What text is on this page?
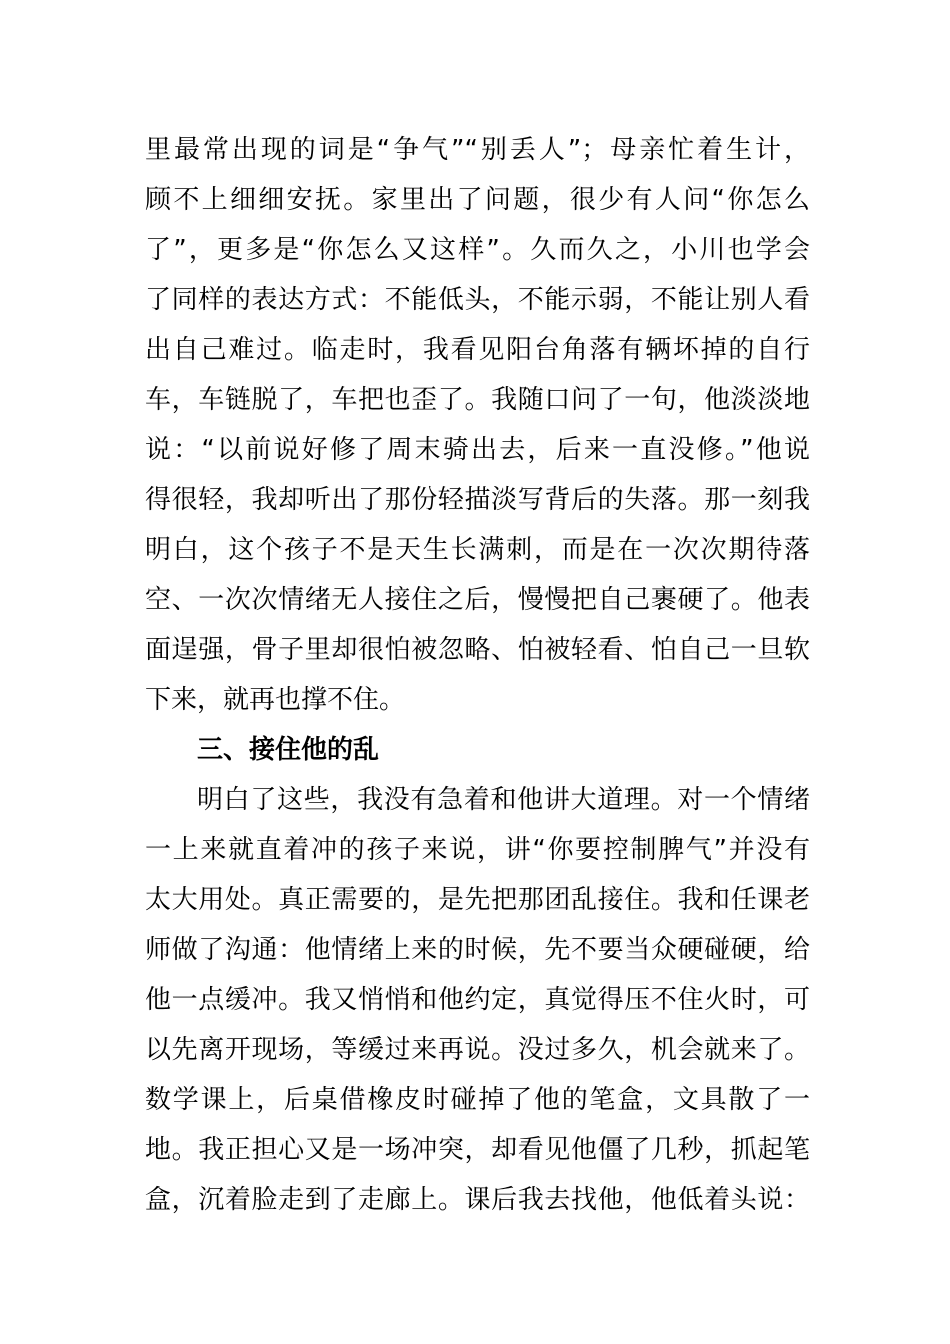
里最常出现的词是“争气”“别丢人”；母亲忙着生计，
顾不上细细安抚。家里出了问题，很少有人问“你怎么
了”，更多是“你怎么又这样”。久而久之，小川也学会
了同样的表达方式：不能低头，不能示弱，不能让别人看
出自己难过。临走时，我看见阳台角落有辆坏掉的自行
车，车链脱了，车把也歪了。我随口问了一句，他淡淡地
说：“以前说好修了周末骑出去，后来一直没修。”他说
得很轻，我却听出了那份轻描淡写背后的失落。那一刻我
明白，这个孩子不是天生长满刺，而是在一次次期待落
空、一次次情绪无人接住之后，慢慢把自己裹硬了。他表
面逞强，骨子里却很怕被忽略、怕被轻看、怕自己一旦软
下来，就再也撑不住。
三、接住他的乱
明白了这些，我没有急着和他讲大道理。对一个情绪
一上来就直着冲的孩子来说，讲“你要控制脾气”并没有
太大用处。真正需要的，是先把那团乱接住。我和任课老
师做了沟通：他情绪上来的时候，先不要当众硬碰硬，给
他一点缓冲。我又悄悄和他约定，真觉得压不住火时，可
以先离开现场，等缓过来再说。没过多久，机会就来了。
数学课上，后桌借橡皮时碰掉了他的笔盒，文具散了一
地。我正担心又是一场冲突，却看见他僵了几秒，抓起笔
盒，沉着脸走到了走廊上。课后我去找他，他低着头说：
